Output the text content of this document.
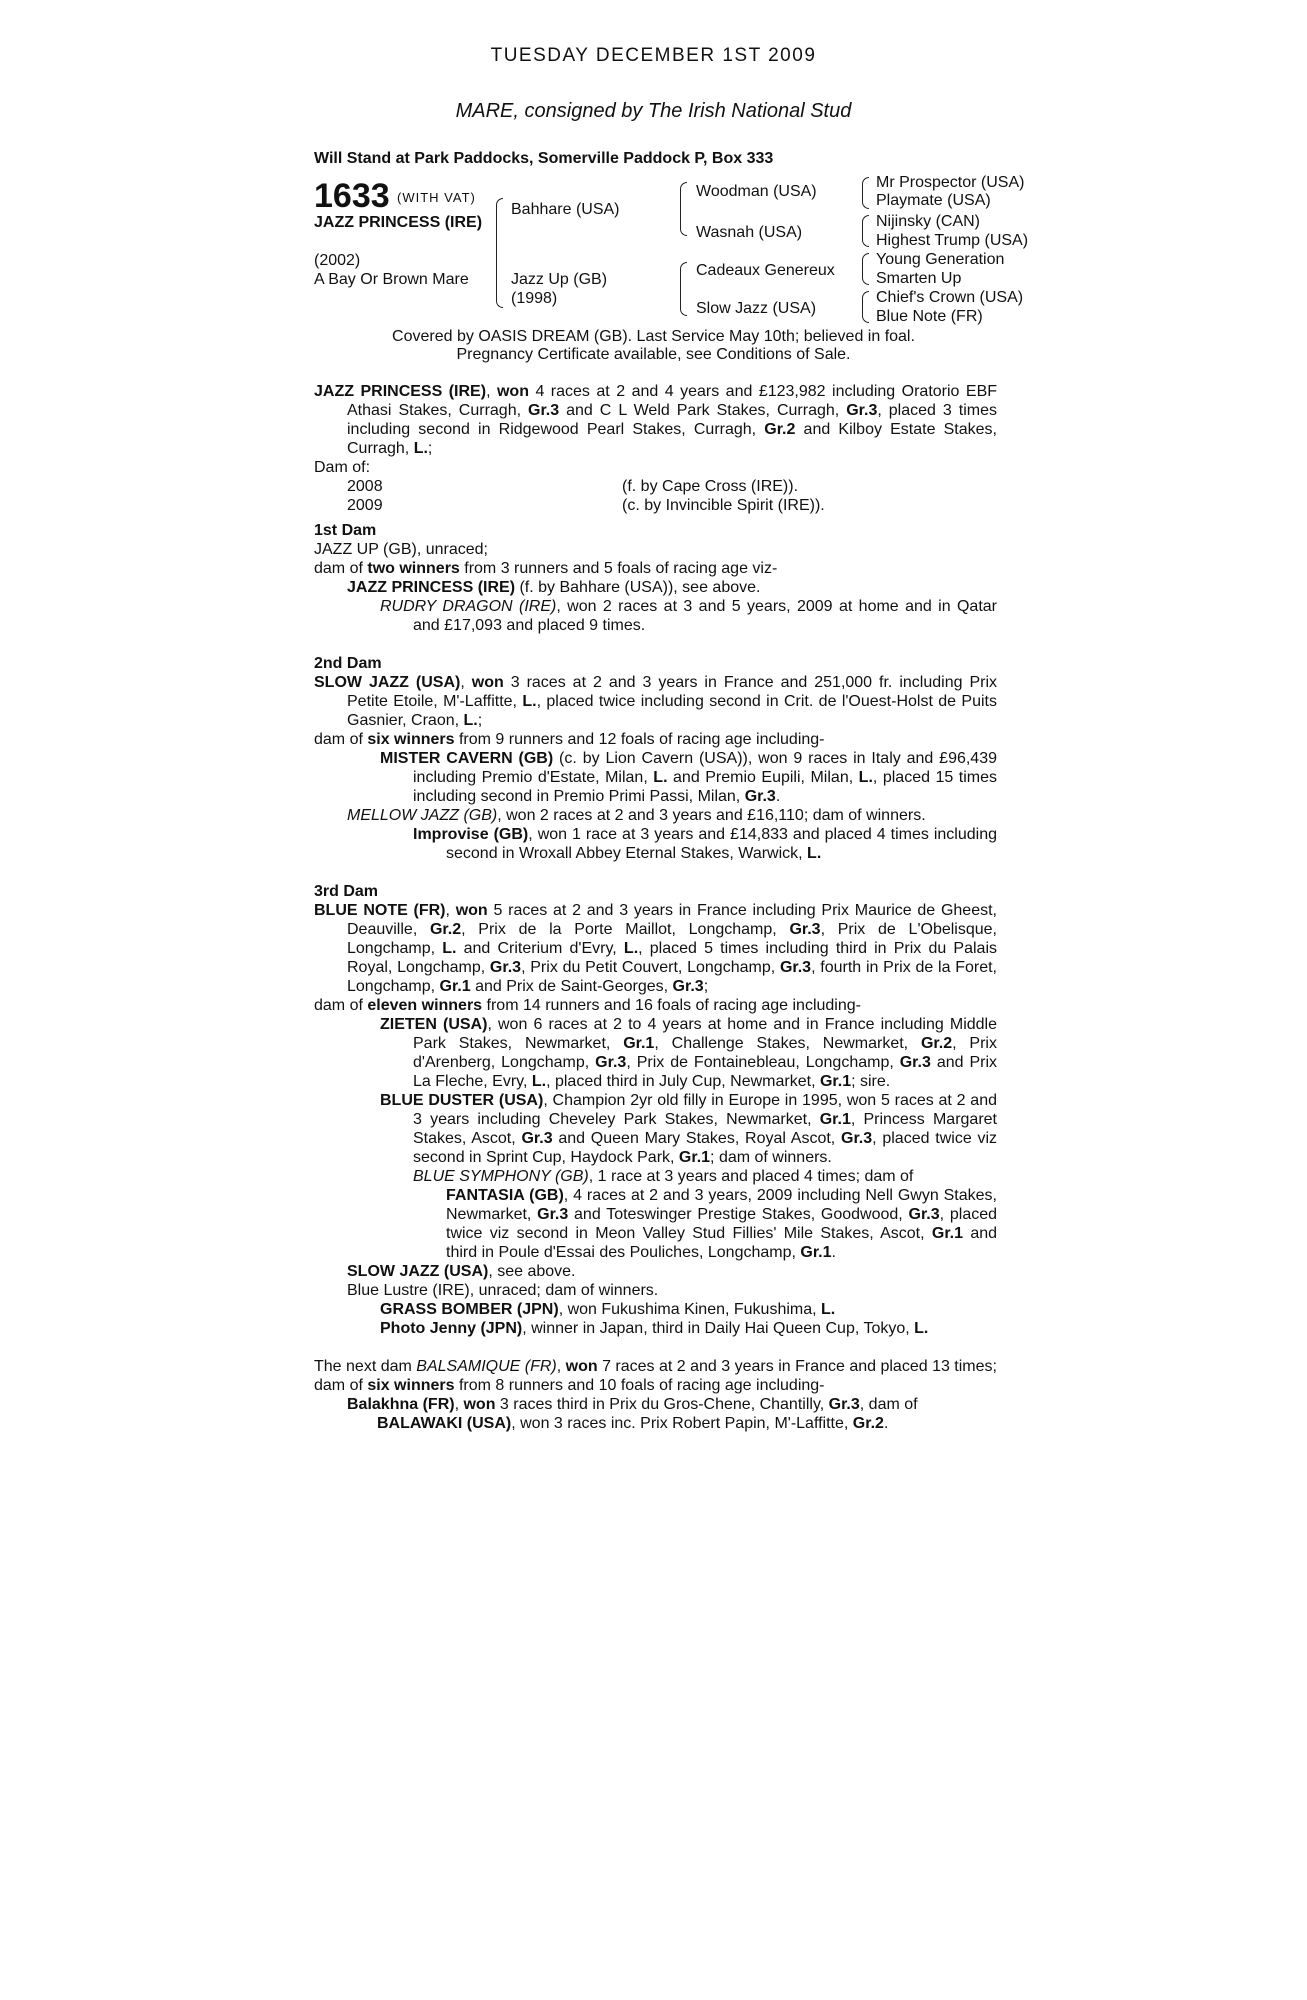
TUESDAY DECEMBER 1ST 2009
MARE, consigned by The Irish National Stud
Will Stand at Park Paddocks, Somerville Paddock P, Box 333
1633 (WITH VAT)
JAZZ PRINCESS (IRE)
(2002)
A Bay Or Brown Mare
Bahhare (USA)
Jazz Up (GB)
(1998)
Woodman (USA)
Wasnah (USA)
Cadeaux Genereux
Slow Jazz (USA)
Mr Prospector (USA)
Playmate (USA)
Nijinsky (CAN)
Highest Trump (USA)
Young Generation
Smarten Up
Chief's Crown (USA)
Blue Note (FR)
Covered by OASIS DREAM (GB). Last Service May 10th; believed in foal.
Pregnancy Certificate available, see Conditions of Sale.

JAZZ PRINCESS (IRE), won 4 races at 2 and 4 years and £123,982 including Oratorio EBF Athasi Stakes, Curragh, Gr.3 and C L Weld Park Stakes, Curragh, Gr.3, placed 3 times including second in Ridgewood Pearl Stakes, Curragh, Gr.2 and Kilboy Estate Stakes, Curragh, L.;

Dam of:
2008	(f. by Cape Cross (IRE)).
2009	(c. by Invincible Spirit (IRE)).

1st Dam

JAZZ UP (GB), unraced;

dam of two winners from 3 runners and 5 foals of racing age viz-

JAZZ PRINCESS (IRE) (f. by Bahhare (USA)), see above.

RUDRY DRAGON (IRE), won 2 races at 3 and 5 years, 2009 at home and in Qatar and £17,093 and placed 9 times.

2nd Dam

SLOW JAZZ (USA), won 3 races at 2 and 3 years in France and 251,000 fr. including Prix Petite Etoile, M'-Laffitte, L., placed twice including second in Crit. de l'Ouest-Holst de Puits Gasnier, Craon, L.;

dam of six winners from 9 runners and 12 foals of racing age including-

MISTER CAVERN (GB) (c. by Lion Cavern (USA)), won 9 races in Italy and £96,439 including Premio d'Estate, Milan, L. and Premio Eupili, Milan, L., placed 15 times including second in Premio Primi Passi, Milan, Gr.3.

MELLOW JAZZ (GB), won 2 races at 2 and 3 years and £16,110; dam of winners.

Improvise (GB), won 1 race at 3 years and £14,833 and placed 4 times including second in Wroxall Abbey Eternal Stakes, Warwick, L.

3rd Dam

BLUE NOTE (FR), won 5 races at 2 and 3 years in France including Prix Maurice de Gheest, Deauville, Gr.2, Prix de la Porte Maillot, Longchamp, Gr.3, Prix de L'Obelisque, Longchamp, L. and Criterium d'Evry, L., placed 5 times including third in Prix du Palais Royal, Longchamp, Gr.3, Prix du Petit Couvert, Longchamp, Gr.3, fourth in Prix de la Foret, Longchamp, Gr.1 and Prix de Saint-Georges, Gr.3;

dam of eleven winners from 14 runners and 16 foals of racing age including-

ZIETEN (USA), won 6 races at 2 to 4 years at home and in France including Middle Park Stakes, Newmarket, Gr.1, Challenge Stakes, Newmarket, Gr.2, Prix d'Arenberg, Longchamp, Gr.3, Prix de Fontainebleau, Longchamp, Gr.3 and Prix La Fleche, Evry, L., placed third in July Cup, Newmarket, Gr.1; sire.

BLUE DUSTER (USA), Champion 2yr old filly in Europe in 1995, won 5 races at 2 and 3 years including Cheveley Park Stakes, Newmarket, Gr.1, Princess Margaret Stakes, Ascot, Gr.3 and Queen Mary Stakes, Royal Ascot, Gr.3, placed twice viz second in Sprint Cup, Haydock Park, Gr.1; dam of winners.

BLUE SYMPHONY (GB), 1 race at 3 years and placed 4 times; dam of

FANTASIA (GB), 4 races at 2 and 3 years, 2009 including Nell Gwyn Stakes, Newmarket, Gr.3 and Toteswinger Prestige Stakes, Goodwood, Gr.3, placed twice viz second in Meon Valley Stud Fillies' Mile Stakes, Ascot, Gr.1 and third in Poule d'Essai des Pouliches, Longchamp, Gr.1.

SLOW JAZZ (USA), see above.

Blue Lustre (IRE), unraced; dam of winners.

GRASS BOMBER (JPN), won Fukushima Kinen, Fukushima, L.

Photo Jenny (JPN), winner in Japan, third in Daily Hai Queen Cup, Tokyo, L.

The next dam BALSAMIQUE (FR), won 7 races at 2 and 3 years in France and placed 13 times;

dam of six winners from 8 runners and 10 foals of racing age including-

Balakhna (FR), won 3 races third in Prix du Gros-Chene, Chantilly, Gr.3, dam of

BALAWAKI (USA), won 3 races inc. Prix Robert Papin, M'-Laffitte, Gr.2.
